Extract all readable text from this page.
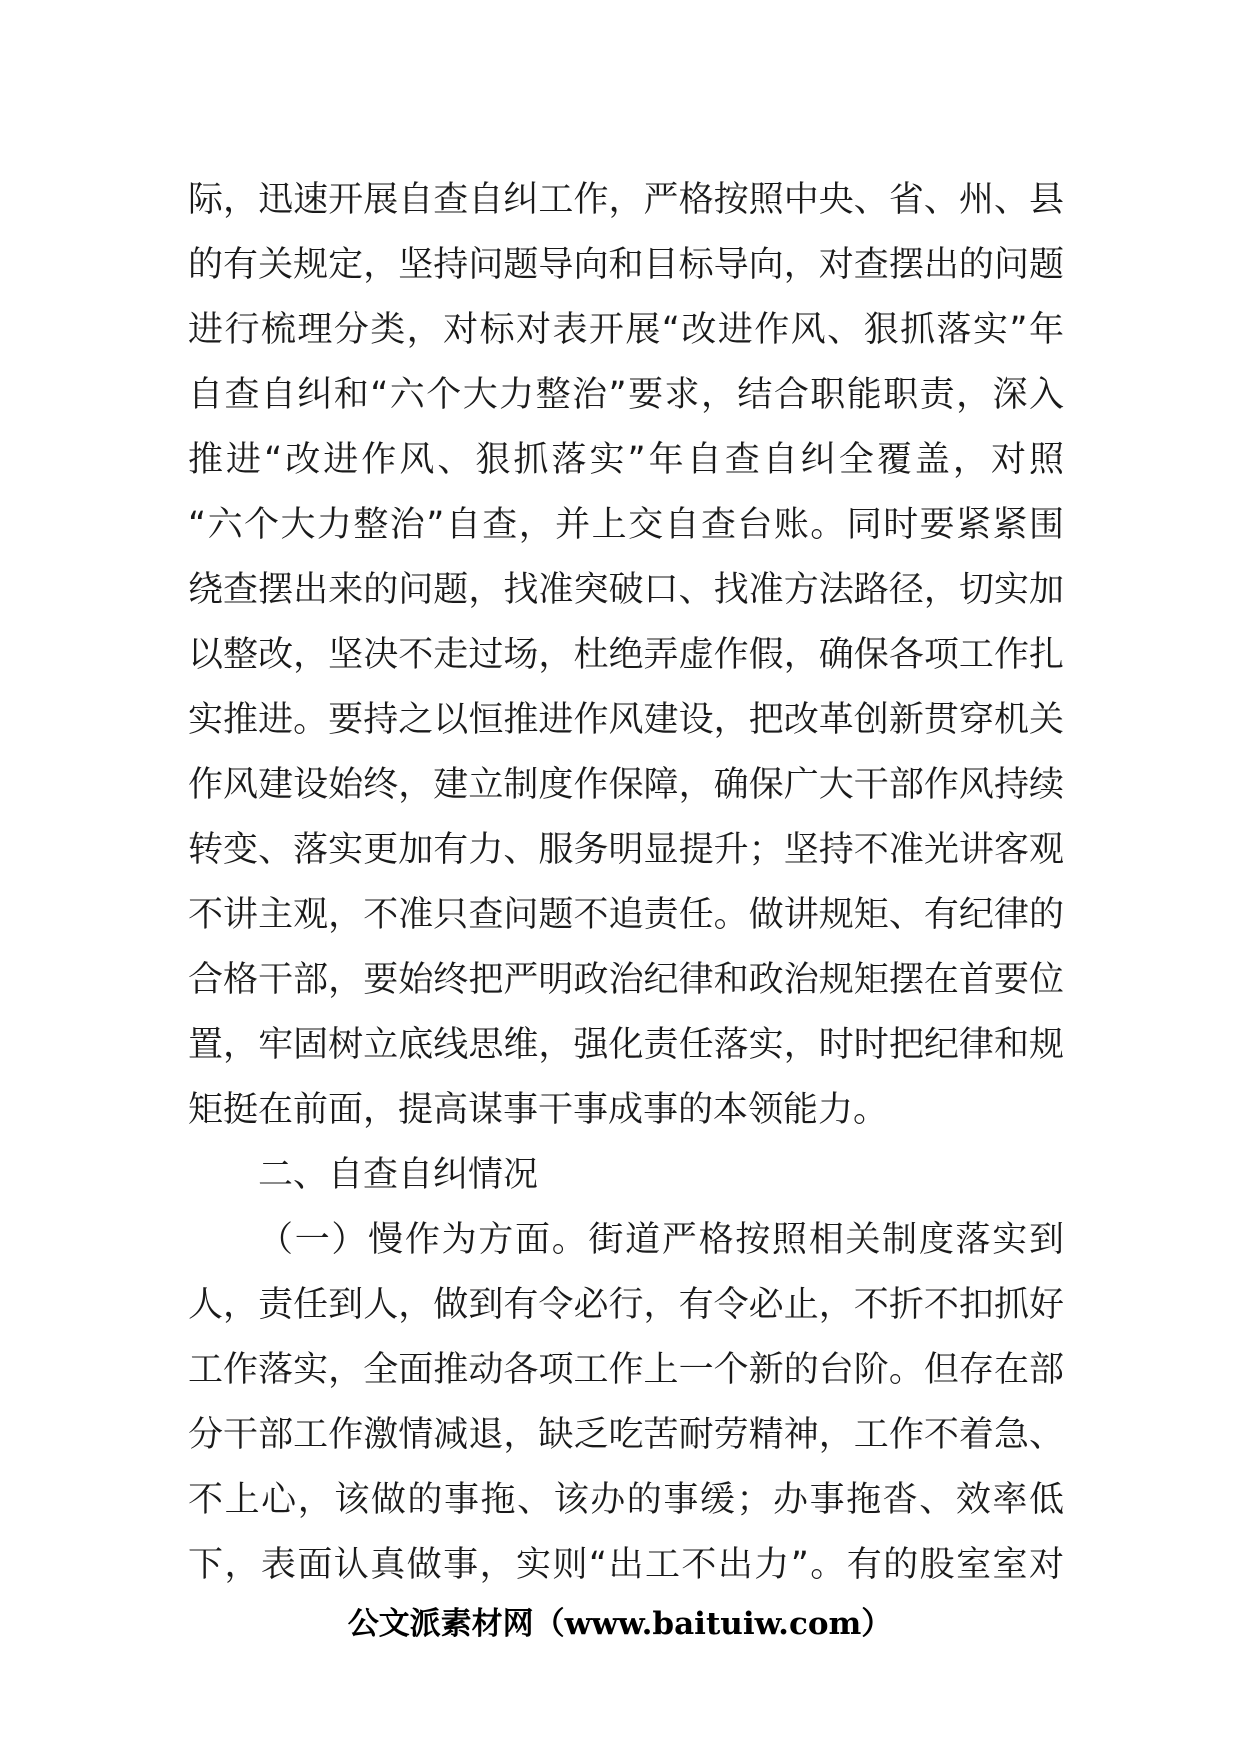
际，迅速开展自查自纠工作，严格按照中央、省、州、县
的有关规定，坚持问题导向和目标导向，对查摆出的问题
进行梳理分类，对标对表开展“改进作风、狠抓落实”年
自查自纠和“六个大力整治”要求，结合职能职责，深入
推进“改进作风、狠抓落实”年自查自纠全覆盖，对照
“六个大力整治”自查，并上交自查台账。同时要紧紧围
绕查摆出来的问题，找准突破口、找准方法路径，切实加
以整改，坚决不走过场，杜绝弄虚作假，确保各项工作扎
实推进。要持之以恒推进作风建设，把改革创新贯穿机关
作风建设始终，建立制度作保障，确保广大干部作风持续
转变、落实更加有力、服务明显提升；坚持不准光讲客观
不讲主观，不准只查问题不追责任。做讲规矩、有纪律的
合格干部，要始终把严明政治纪律和政治规矩摆在首要位
置，牢固树立底线思维，强化责任落实，时时把纪律和规
矩挺在前面，提高谋事干事成事的本领能力。
二、自查自纠情况
（一）慢作为方面。街道严格按照相关制度落实到
人，责任到人，做到有令必行，有令必止，不折不扣抓好
工作落实，全面推动各项工作上一个新的台阶。但存在部
分干部工作激情减退，缺乏吃苦耐劳精神，工作不着急、
不上心，该做的事拖、该办的事缓；办事拖沓、效率低
下，表面认真做事，实则“出工不出力”。有的股室室对
公文派素材网（www.baituiw.com）
